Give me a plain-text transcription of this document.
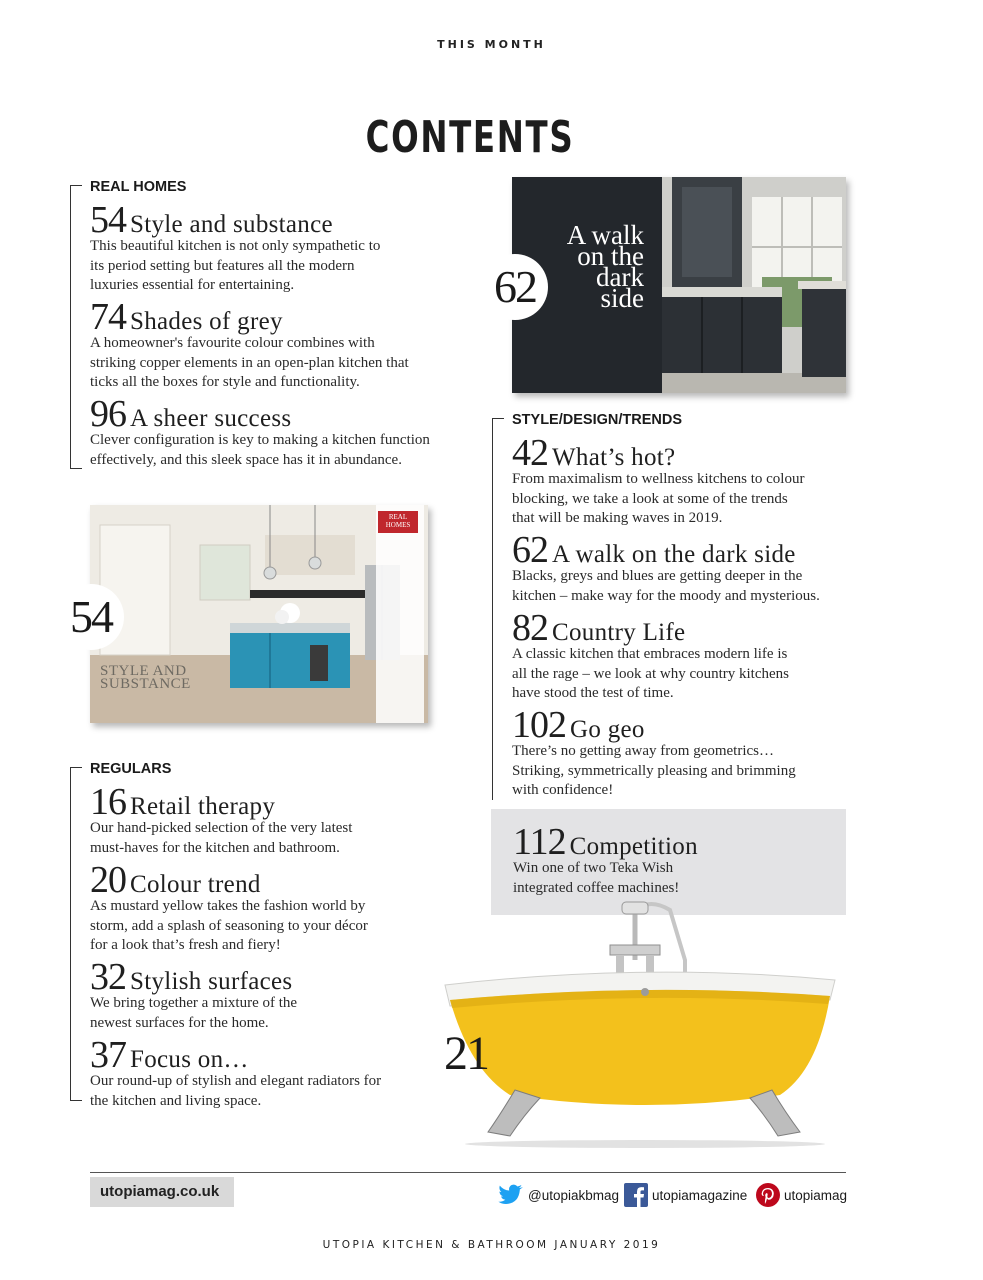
THIS MONTH
CONTENTS
REAL HOMES
54 Style and substance
This beautiful kitchen is not only sympathetic to its period setting but features all the modern luxuries essential for entertaining.
74 Shades of grey
A homeowner's favourite colour combines with striking copper elements in an open-plan kitchen that ticks all the boxes for style and functionality.
96 A sheer success
Clever configuration is key to making a kitchen function effectively, and this sleek space has it in abundance.
A walk on the dark side
62
STYLE/DESIGN/TRENDS
42 What’s hot?
From maximalism to wellness kitchens to colour blocking, we take a look at some of the trends that will be making waves in 2019.
62 A walk on the dark side
Blacks, greys and blues are getting deeper in the kitchen – make way for the moody and mysterious.
82 Country Life
A classic kitchen that embraces modern life is all the rage – we look at why country kitchens have stood the test of time.
102 Go geo
There’s no getting away from geometrics… Striking, symmetrically pleasing and brimming with confidence!
REAL HOMES
STYLE AND SUBSTANCE
54
REGULARS
16 Retail therapy
Our hand-picked selection of the very latest must-haves for the kitchen and bathroom.
20 Colour trend
As mustard yellow takes the fashion world by storm, add a splash of seasoning to your décor for a look that’s fresh and fiery!
32 Stylish surfaces
We bring together a mixture of the newest surfaces for the home.
37 Focus on…
Our round-up of stylish and elegant radiators for the kitchen and living space.
112 Competition
Win one of two Teka Wish integrated coffee machines!
21
utopiamag.co.uk	@utopiakbmag utopiamagazine	utopiamag
UTOPIA KITCHEN & BATHROOM JANUARY 2019
